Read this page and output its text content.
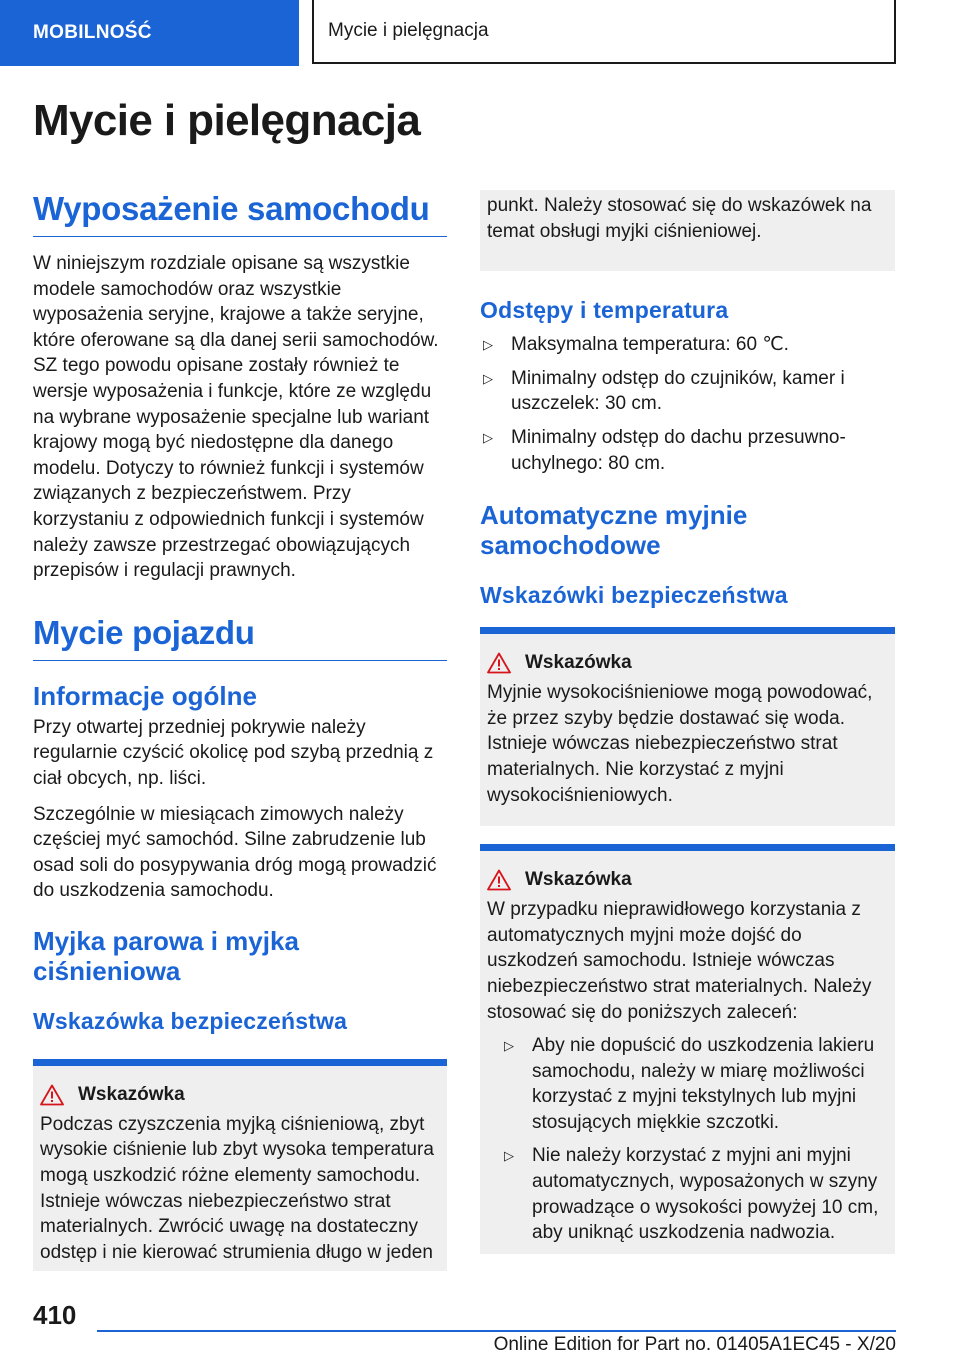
MOBILNOŚĆ	Mycie i pielęgnacja
Mycie i pielęgnacja
Wyposażenie samochodu

W niniejszym rozdziale opisane są wszystkie modele samochodów oraz wszystkie wyposażenia seryjne, krajowe a także seryjne, które oferowane są dla danej serii samochodów. SZ tego powodu opisane zostały również te wersje wyposażenia i funkcje, które ze względu na wybrane wyposażenie specjalne lub wariant krajowy mogą być niedostępne dla danego modelu. Dotyczy to również funkcji i systemów związanych z bezpieczeństwem. Przy korzystaniu z odpowiednich funkcji i systemów należy zawsze przestrzegać obowiązujących przepisów i regulacji prawnych.

Mycie pojazdu
Informacje ogólne

Przy otwartej przedniej pokrywie należy regularnie czyścić okolicę pod szybą przednią z ciał obcych, np. liści.

Szczególnie w miesiącach zimowych należy częściej myć samochód. Silne zabrudzenie lub osad soli do posypywania dróg mogą prowadzić do uszkodzenia samochodu.

Myjka parowa i myjka ciśnieniowa
Wskazówka bezpieczeństwa
Wskazówka

Podczas czyszczenia myjką ciśnieniową, zbyt wysokie ciśnienie lub zbyt wysoka temperatura mogą uszkodzić różne elementy samochodu. Istnieje wówczas niebezpieczeństwo strat materialnych. Zwrócić uwagę na dostateczny odstęp i nie kierować strumienia długo w jeden

punkt. Należy stosować się do wskazówek na temat obsługi myjki ciśnieniowej.

Odstępy i temperatura
▷ Maksymalna temperatura: 60 ℃.
▷ Minimalny odstęp do czujników, kamer i uszczelek: 30 cm.
▷ Minimalny odstęp do dachu przesuwno-uchylnego: 80 cm.
Automatyczne myjnie samochodowe
Wskazówki bezpieczeństwa
Wskazówka

Myjnie wysokociśnieniowe mogą powodować, że przez szyby będzie dostawać się woda. Istnieje wówczas niebezpieczeństwo strat materialnych. Nie korzystać z myjni wysokociśnieniowych.

Wskazówka

W przypadku nieprawidłowego korzystania z automatycznych myjni może dojść do uszkodzeń samochodu. Istnieje wówczas niebezpieczeństwo strat materialnych. Należy stosować się do poniższych zaleceń:

▷ Aby nie dopuścić do uszkodzenia lakieru samochodu, należy w miarę możliwości korzystać z myjni tekstylnych lub myjni stosujących miękkie szczotki.
▷ Nie należy korzystać z myjni ani myjni automatycznych, wyposażonych w szyny prowadzące o wysokości powyżej 10 cm, aby uniknąć uszkodzenia nadwozia.
410
Online Edition for Part no. 01405A1EC45 - X/20
